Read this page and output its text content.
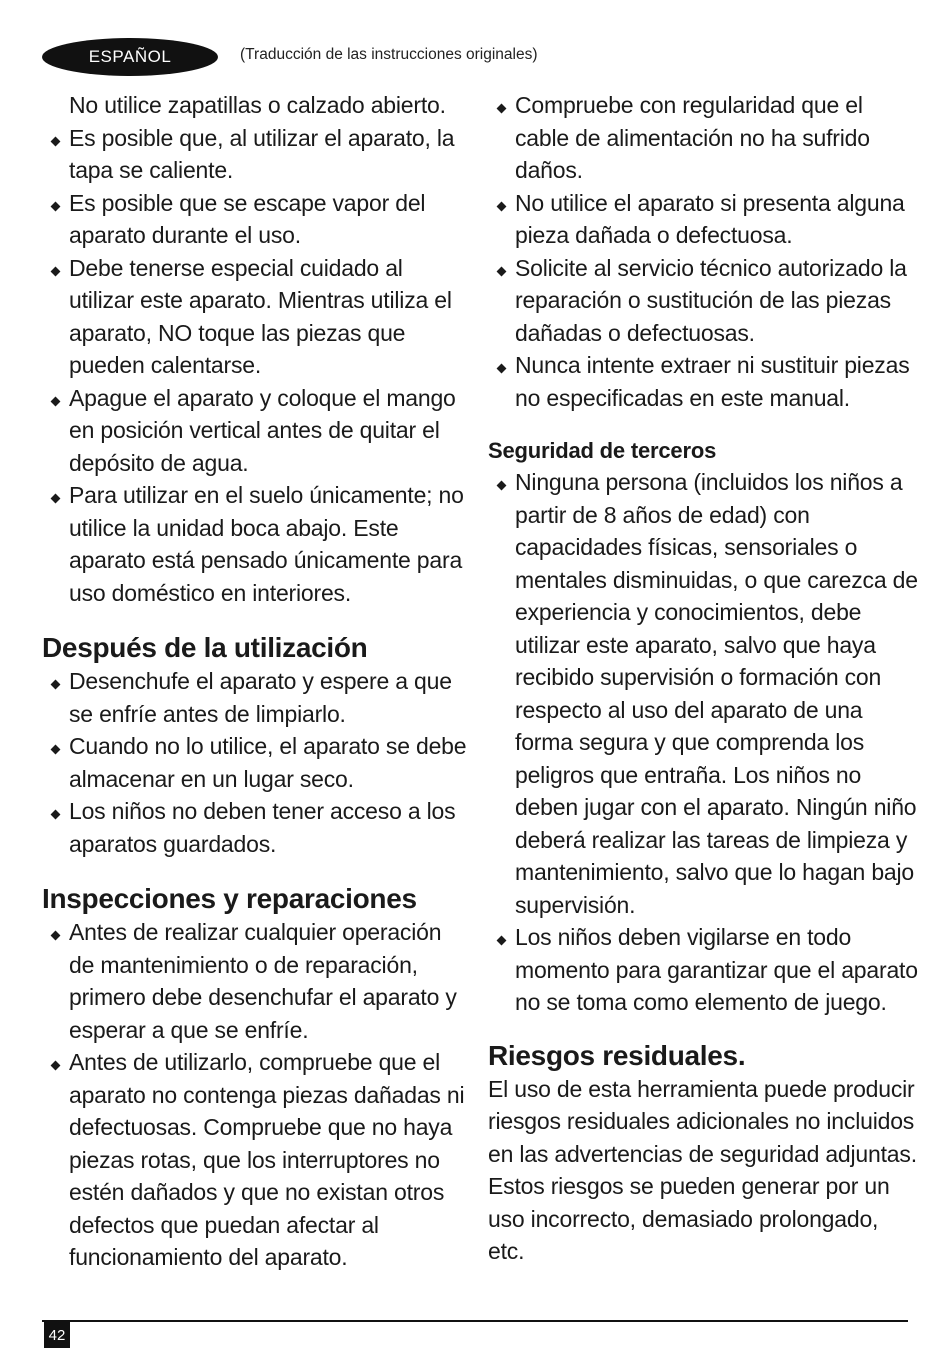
ESPAÑOL	(Traducción de las instrucciones originales)

No utilice zapatillas o calzado abierto.

Es posible que, al utilizar el aparato, la tapa se caliente.
Es posible que se escape vapor del aparato durante el uso.
Debe tenerse especial cuidado al utilizar este aparato. Mientras utiliza el aparato, NO toque las piezas que pueden calentarse.
Apague el aparato y coloque el mango en posición vertical antes de quitar el depósito de agua.
Para utilizar en el suelo únicamente; no utilice la unidad boca abajo. Este aparato está pensado únicamente para uso doméstico en interiores.
Después de la utilización
Desenchufe el aparato y espere a que se enfríe antes de limpiarlo.
Cuando no lo utilice, el aparato se debe almacenar en un lugar seco.
Los niños no deben tener acceso a los aparatos guardados.
Inspecciones y reparaciones
Antes de realizar cualquier operación de mantenimiento o de reparación, primero debe desenchufar el aparato y esperar a que se enfríe.
Antes de utilizarlo, compruebe que el aparato no contenga piezas dañadas ni defectuosas. Compruebe que no haya piezas rotas, que los interruptores no estén dañados y que no existan otros defectos que puedan afectar al funcionamiento del aparato.
Compruebe con regularidad que el cable de alimentación no ha sufrido daños.
No utilice el aparato si presenta alguna pieza dañada o defectuosa.
Solicite al servicio técnico autorizado la reparación o sustitución de las piezas dañadas o defectuosas.
Nunca intente extraer ni sustituir piezas no especificadas en este manual.
Seguridad de terceros
Ninguna persona (incluidos los niños a partir de 8 años de edad) con capacidades físicas, sensoriales o mentales disminuidas, o que carezca de experiencia y conocimientos, debe utilizar este aparato, salvo que haya recibido supervisión o formación con respecto al uso del aparato de una forma segura y que comprenda los peligros que entraña. Los niños no deben jugar con el aparato. Ningún niño deberá realizar las tareas de limpieza y mantenimiento, salvo que lo hagan bajo supervisión.
Los niños deben vigilarse en todo momento para garantizar que el aparato no se toma como elemento de juego.
Riesgos residuales.

El uso de esta herramienta puede producir riesgos residuales adicionales no incluidos en las advertencias de seguridad adjuntas. Estos riesgos se pueden generar por un uso incorrecto, demasiado prolongado, etc.

42
